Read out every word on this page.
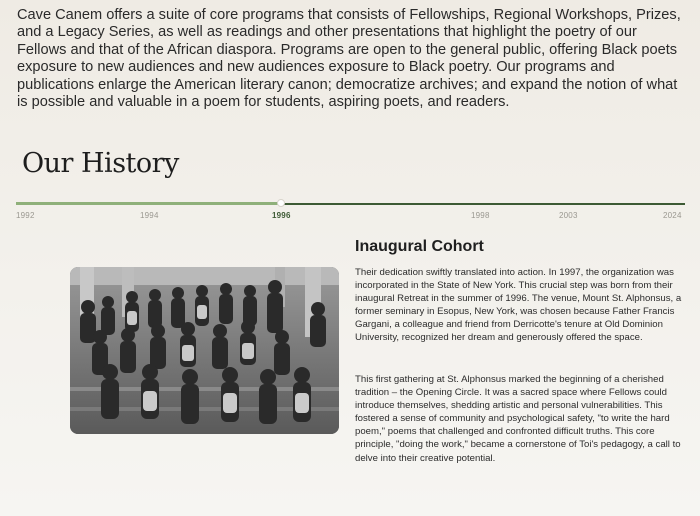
Cave Canem offers a suite of core programs that consists of Fellowships, Regional Workshops, Prizes, and a Legacy Series, as well as readings and other presentations that highlight the poetry of our Fellows and that of the African diaspora. Programs are open to the general public, offering Black poets exposure to new audiences and new audiences exposure to Black poetry. Our programs and publications enlarge the American literary canon; democratize archives; and expand the notion of what is possible and valuable in a poem for students, aspiring poets, and readers.

Our History
1992	1994	1996	1998	2003	2024
Inaugural Cohort

Their dedication swiftly translated into action. In 1997, the organization was incorporated in the State of New York. This crucial step was born from their inaugural Retreat in the summer of 1996. The venue, Mount St. Alphonsus, a former seminary in Esopus, New York, was chosen because Father Francis Gargani, a colleague and friend from Derricotte's tenure at Old Dominion University, recognized her dream and generously offered the space.

This first gathering at St. Alphonsus marked the beginning of a cherished tradition – the Opening Circle. It was a sacred space where Fellows could introduce themselves, shedding artistic and personal vulnerabilities. This fostered a sense of community and psychological safety, "to write the hard poem," poems that challenged and confronted difficult truths. This core principle, "doing the work," became a cornerstone of Toi's pedagogy, a call to delve into their creative potential.
